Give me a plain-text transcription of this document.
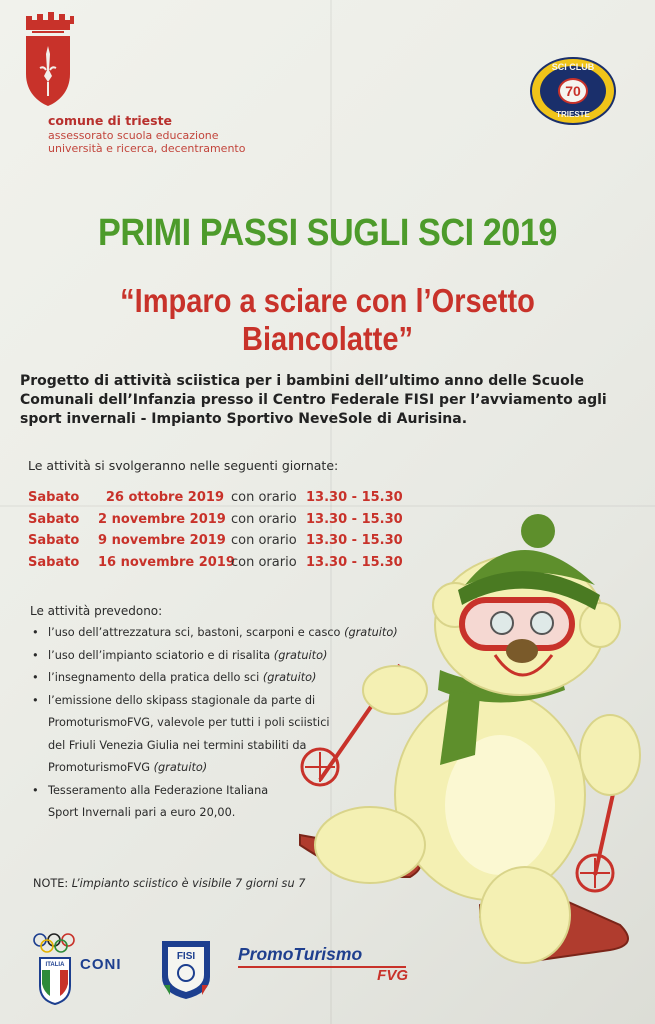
comune di trieste
assessorato scuola educazione
università e ricerca, decentramento
SCI CLUB
70
TRIESTE
PRIMI PASSI SUGLI SCI 2019
“Imparo a sciare con l’Orsetto Biancolatte”
Progetto di attività sciistica per i bambini dell’ultimo anno delle Scuole Comunali dell’Infanzia presso il Centro Federale FISI per l’avviamento agli sport invernali - Impianto Sportivo NeveSole di Aurisina.
Le attività si svolgeranno nelle seguenti giornate:
Sabato 26 ottobre 2019 con orario 13.30 - 15.30
Sabato 2 novembre 2019 con orario 13.30 - 15.30
Sabato 9 novembre 2019 con orario 13.30 - 15.30
Sabato 16 novembre 2019con orario 13.30 - 15.30
Le attività prevedono:
• l’uso dell’attrezzatura sci, bastoni, scarponi e casco (gratuito)
• l’uso dell’impianto sciatorio e di risalita (gratuito)
• l’insegnamento della pratica dello sci (gratuito)
• l’emissione dello skipass stagionale da parte di PromoturismoFVG, valevole per tutti i poli sciistici del Friuli Venezia Giulia nei termini stabiliti da PromoturismoFVG (gratuito)
• Tesseramento alla Federazione Italiana Sport Invernali pari a euro 20,00.
NOTE: L’impianto sciistico è visibile 7 giorni su 7
ITALIA CONI	FISI PromoTurismo
FVG
